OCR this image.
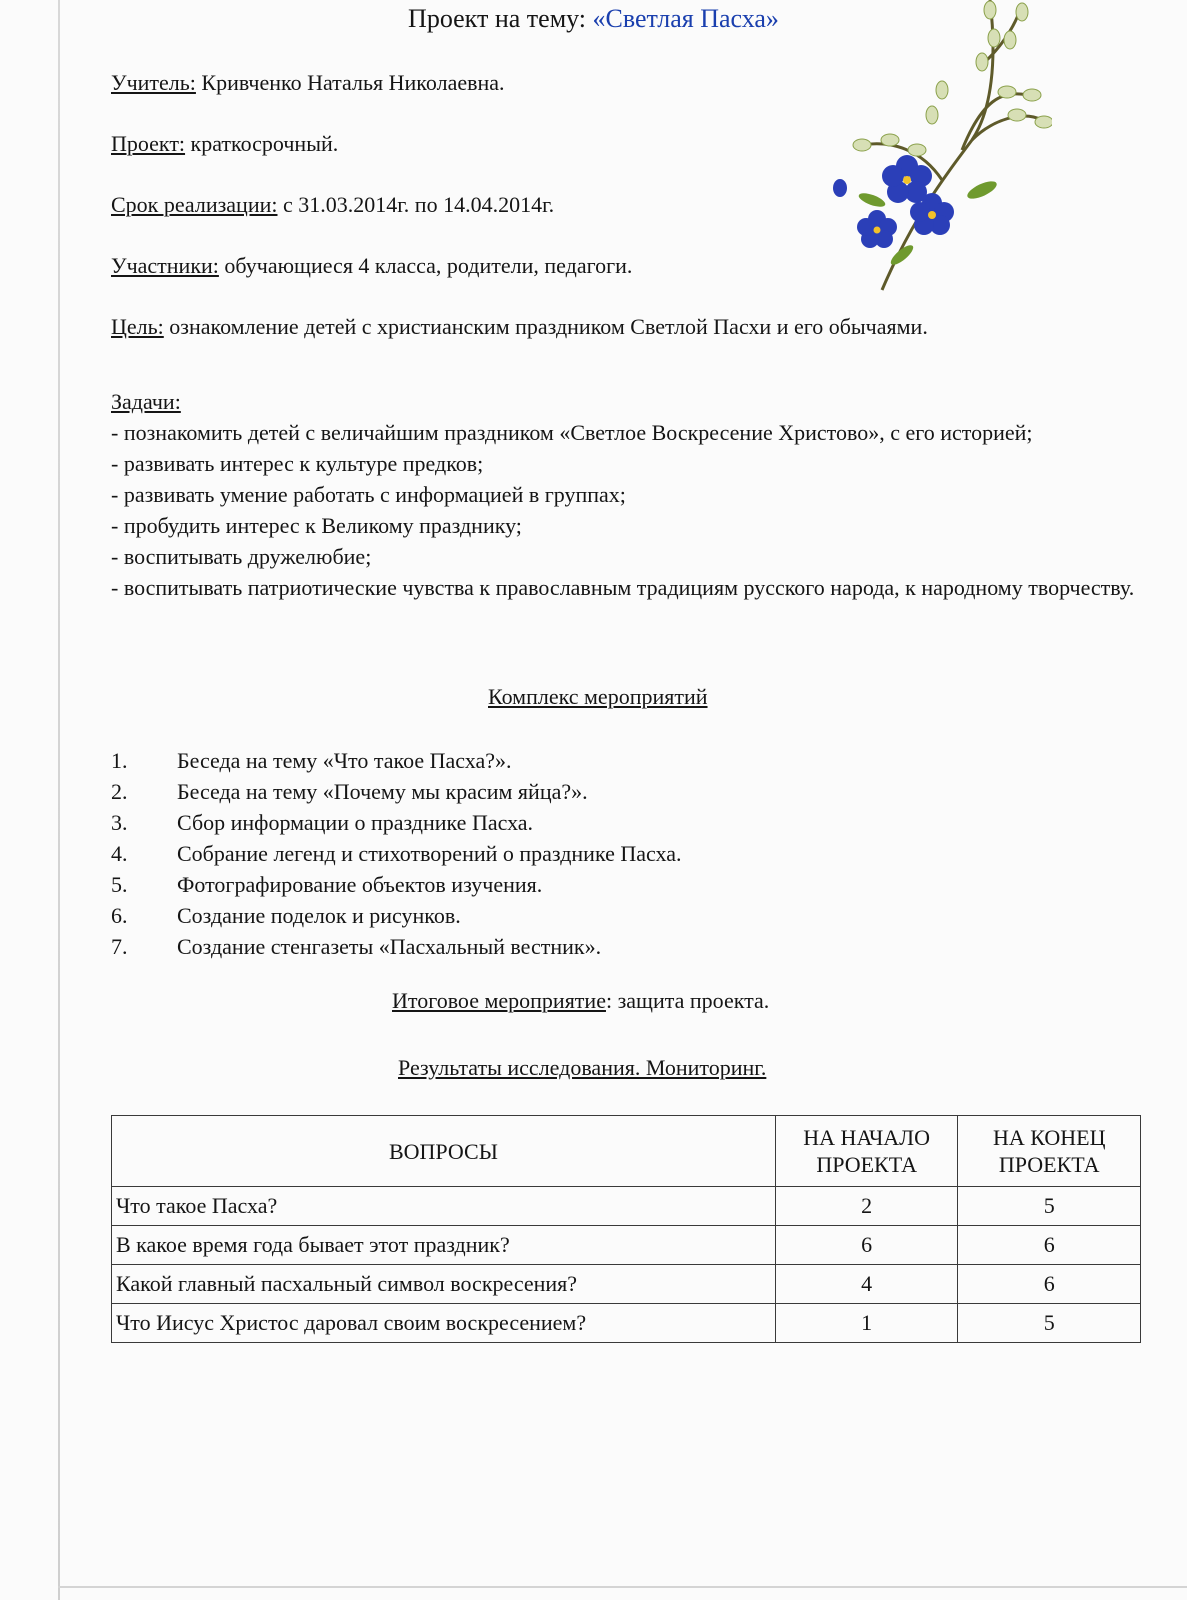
Проект на тему: «Светлая Пасха»
Учитель: Кривченко Наталья Николаевна.
Проект: краткосрочный.
Срок реализации: с 31.03.2014г. по 14.04.2014г.
Участники: обучающиеся 4 класса, родители, педагоги.
Цель: ознакомление детей с христианским праздником Светлой Пасхи и его обычаями.
Задачи:
- познакомить детей с величайшим праздником «Светлое Воскресение Христово», с его историей;
- развивать интерес к культуре предков;
- развивать умение работать с информацией в группах;
- пробудить интерес к Великому празднику;
- воспитывать дружелюбие;
- воспитывать патриотические чувства к православным традициям русского народа, к народному творчеству.
Комплекс мероприятий
1.	Беседа на тему «Что такое Пасха?».
2.	Беседа на тему «Почему мы красим яйца?».
3.	Сбор информации о празднике Пасха.
4.	Собрание легенд и стихотворений о празднике Пасха.
5.	Фотографирование объектов изучения.
6.	Создание поделок и рисунков.
7.	Создание стенгазеты «Пасхальный вестник».
Итоговое мероприятие: защита проекта.
Результаты исследования. Мониторинг.
ВОПРОСЫ	НА НАЧАЛО ПРОЕКТА	НА КОНЕЦ ПРОЕКТА
Что такое Пасха?	2	5
В какое время года бывает этот праздник?	6	6
Какой главный пасхальный символ воскресения?	4	6
Что Иисус Христос даровал своим воскресением?	1	5
